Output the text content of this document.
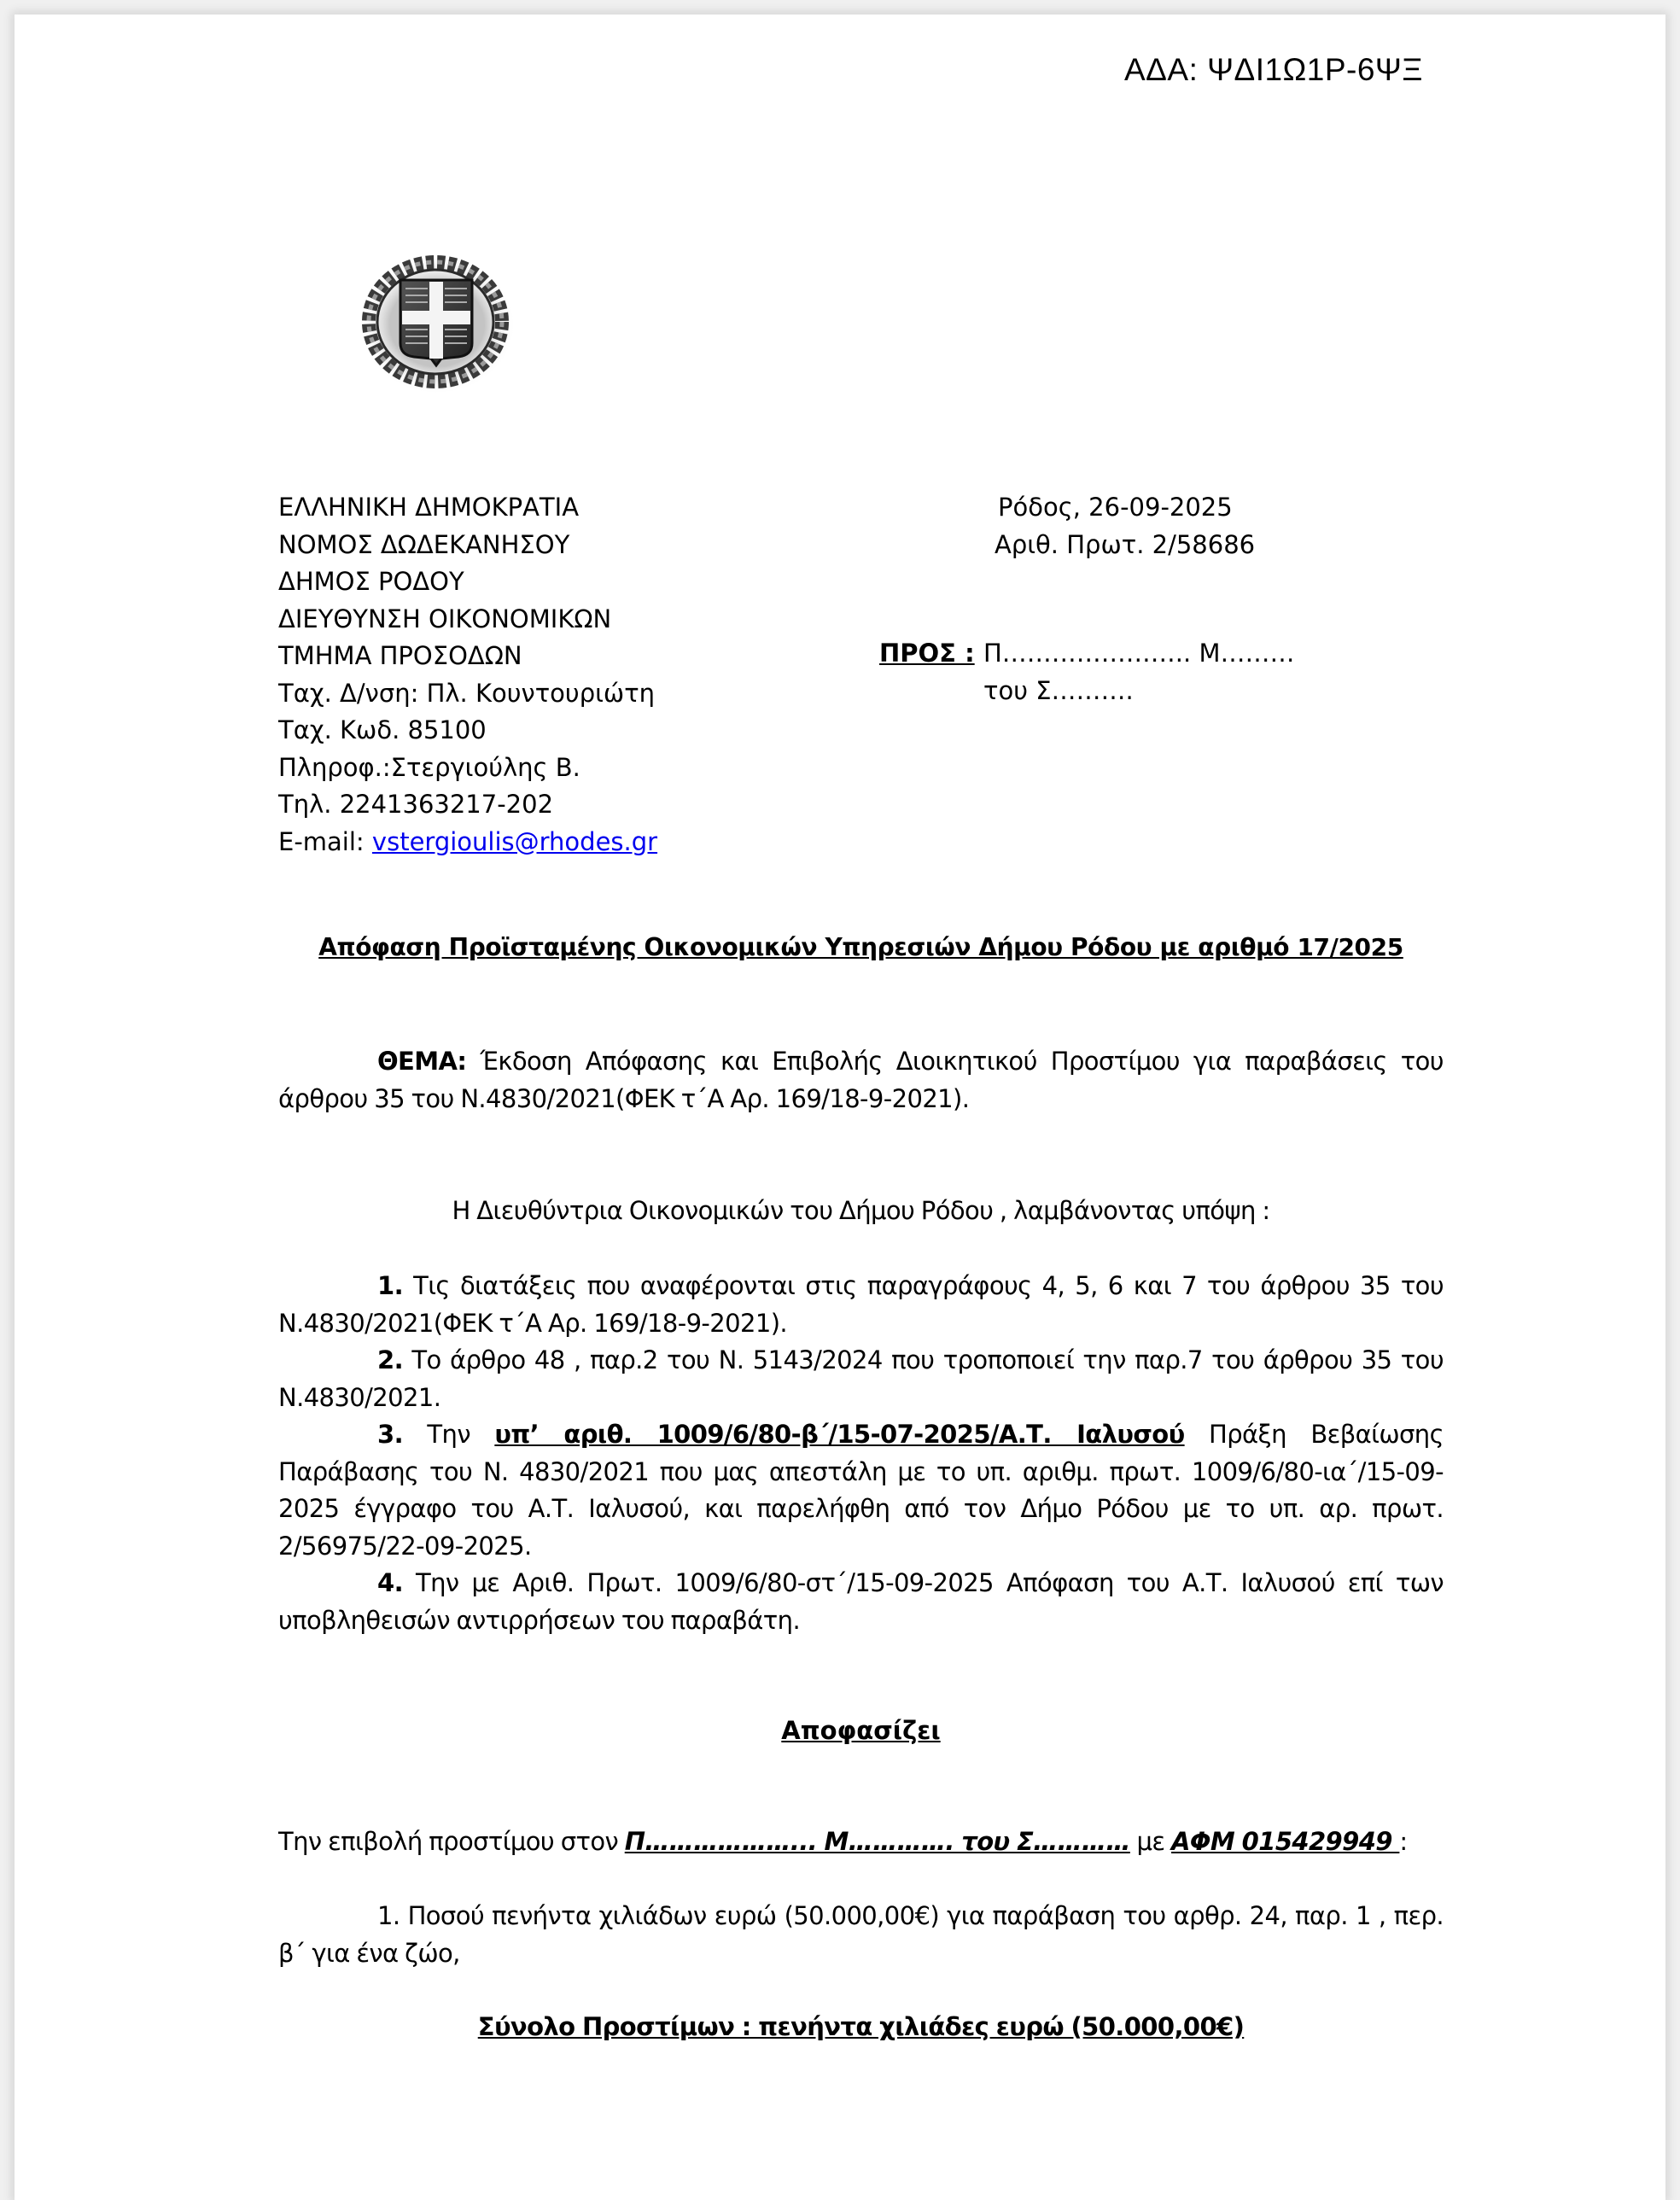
ΑΔΑ: ΨΔΙ1Ω1Ρ-6ΨΞ
ΕΛΛΗΝΙΚΗ ΔΗΜΟΚΡΑΤΙΑ
ΝΟΜΟΣ ΔΩΔΕΚΑΝΗΣΟΥ
ΔΗΜΟΣ ΡΟΔΟΥ
ΔΙΕΥΘΥΝΣΗ ΟΙΚΟΝΟΜΙΚΩΝ
ΤΜΗΜΑ ΠΡΟΣΟΔΩΝ
Ταχ. Δ/νση: Πλ. Κουντουριώτη
Ταχ. Κωδ. 85100
Πληροφ.:Στεργιούλης Β.
Τηλ. 2241363217-202
E-mail: vstergioulis@rhodes.gr
Ρόδος, 26-09-2025
Αριθ. Πρωτ. 2/58686
ΠΡΟΣ : Π………………….. Μ………
του Σ……….
Απόφαση Προϊσταμένης Οικονομικών Υπηρεσιών Δήμου Ρόδου με αριθμό 17/2025
ΘΕΜΑ: Έκδοση Απόφασης και Επιβολής Διοικητικού Προστίμου για παραβάσεις του άρθρου 35 του Ν.4830/2021(ΦΕΚ τ΄Α Αρ. 169/18-9-2021).
Η Διευθύντρια Οικονομικών του Δήμου Ρόδου , λαμβάνοντας υπόψη :
1. Τις διατάξεις που αναφέρονται στις παραγράφους 4, 5, 6 και 7 του άρθρου 35 του Ν.4830/2021(ΦΕΚ τ΄Α Αρ. 169/18-9-2021).
2. Το άρθρο 48 , παρ.2 του Ν. 5143/2024 που τροποποιεί την παρ.7 του άρθρου 35 του Ν.4830/2021.
3. Την υπ’ αριθ. 1009/6/80-β΄/15-07-2025/Α.Τ. Ιαλυσού Πράξη Βεβαίωσης Παράβασης του Ν. 4830/2021 που μας απεστάλη με το υπ. αριθμ. πρωτ. 1009/6/80-ια΄/15-09-2025 έγγραφο του Α.Τ. Ιαλυσού, και παρελήφθη από τον Δήμο Ρόδου με το υπ. αρ. πρωτ. 2/56975/22-09-2025.
4. Την με Αριθ. Πρωτ. 1009/6/80-στ΄/15-09-2025 Απόφαση του Α.Τ. Ιαλυσού επί των υποβληθεισών αντιρρήσεων του παραβάτη.
Αποφασίζει
Την επιβολή προστίμου στον Π………………... Μ…………. του Σ………… με ΑΦΜ 015429949 :
1. Ποσού πενήντα χιλιάδων ευρώ (50.000,00€) για παράβαση του αρθρ. 24, παρ. 1 , περ. β΄ για ένα ζώο,
Σύνολο Προστίμων : πενήντα χιλιάδες ευρώ (50.000,00€)
